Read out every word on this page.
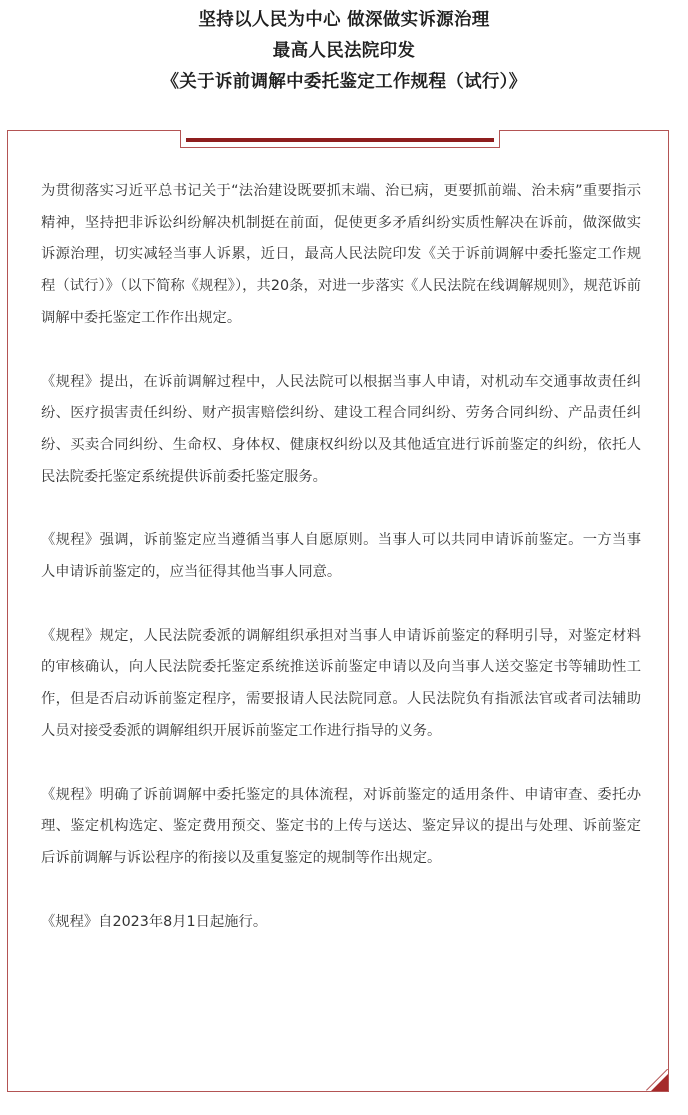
坚持以人民为中心 做深做实诉源治理
最高人民法院印发
《关于诉前调解中委托鉴定工作规程（试行）》

为贯彻落实习近平总书记关于“法治建设既要抓末端、治已病，更要抓前端、治未病”重要指示精神，坚持把非诉讼纠纷解决机制挺在前面，促使更多矛盾纠纷实质性解决在诉前，做深做实诉源治理，切实减轻当事人诉累，近日，最高人民法院印发《关于诉前调解中委托鉴定工作规程（试行）》（以下简称《规程》），共20条，对进一步落实《人民法院在线调解规则》，规范诉前调解中委托鉴定工作作出规定。

《规程》提出，在诉前调解过程中，人民法院可以根据当事人申请，对机动车交通事故责任纠纷、医疗损害责任纠纷、财产损害赔偿纠纷、建设工程合同纠纷、劳务合同纠纷、产品责任纠纷、买卖合同纠纷、生命权、身体权、健康权纠纷以及其他适宜进行诉前鉴定的纠纷，依托人民法院委托鉴定系统提供诉前委托鉴定服务。

《规程》强调，诉前鉴定应当遵循当事人自愿原则。当事人可以共同申请诉前鉴定。一方当事人申请诉前鉴定的，应当征得其他当事人同意。

《规程》规定，人民法院委派的调解组织承担对当事人申请诉前鉴定的释明引导，对鉴定材料的审核确认，向人民法院委托鉴定系统推送诉前鉴定申请以及向当事人送交鉴定书等辅助性工作，但是否启动诉前鉴定程序，需要报请人民法院同意。人民法院负有指派法官或者司法辅助人员对接受委派的调解组织开展诉前鉴定工作进行指导的义务。

《规程》明确了诉前调解中委托鉴定的具体流程，对诉前鉴定的适用条件、申请审查、委托办理、鉴定机构选定、鉴定费用预交、鉴定书的上传与送达、鉴定异议的提出与处理、诉前鉴定后诉前调解与诉讼程序的衔接以及重复鉴定的规制等作出规定。

《规程》自2023年8月1日起施行。
